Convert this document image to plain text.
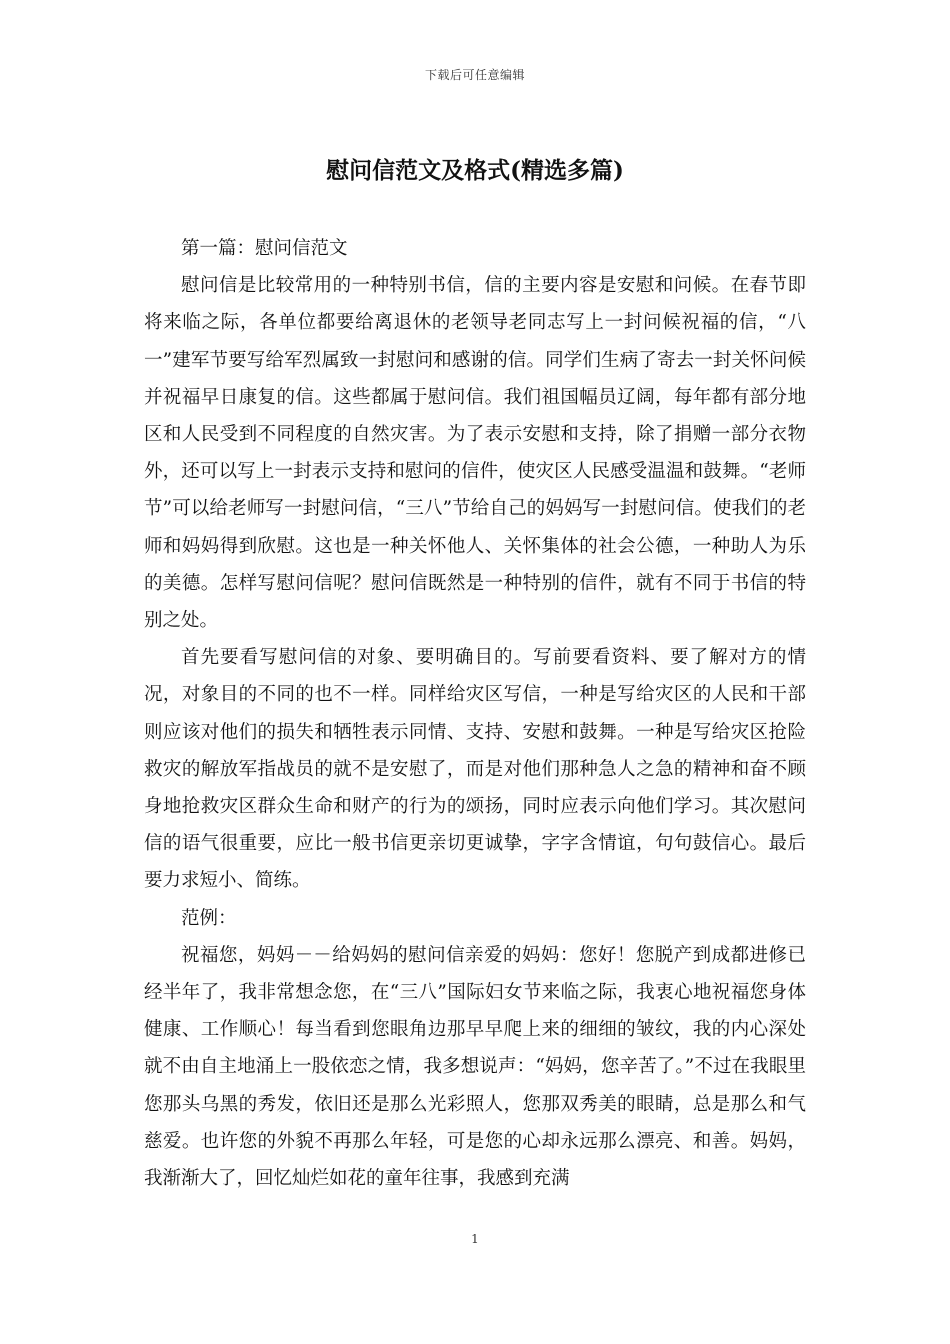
下载后可任意编辑
慰问信范文及格式(精选多篇)

第一篇：慰问信范文

慰问信是比较常用的一种特别书信，信的主要内容是安慰和问候。在春节即将来临之际，各单位都要给离退休的老领导老同志写上一封问候祝福的信，“八一”建军节要写给军烈属致一封慰问和感谢的信。同学们生病了寄去一封关怀问候并祝福早日康复的信。这些都属于慰问信。我们祖国幅员辽阔，每年都有部分地区和人民受到不同程度的自然灾害。为了表示安慰和支持，除了捐赠一部分衣物外，还可以写上一封表示支持和慰问的信件，使灾区人民感受温温和鼓舞。“老师节”可以给老师写一封慰问信，“三八”节给自己的妈妈写一封慰问信。使我们的老师和妈妈得到欣慰。这也是一种关怀他人、关怀集体的社会公德，一种助人为乐的美德。怎样写慰问信呢？慰问信既然是一种特别的信件，就有不同于书信的特别之处。

首先要看写慰问信的对象、要明确目的。写前要看资料、要了解对方的情况，对象目的不同的也不一样。同样给灾区写信，一种是写给灾区的人民和干部则应该对他们的损失和牺牲表示同情、支持、安慰和鼓舞。一种是写给灾区抢险救灾的解放军指战员的就不是安慰了，而是对他们那种急人之急的精神和奋不顾身地抢救灾区群众生命和财产的行为的颂扬，同时应表示向他们学习。其次慰问信的语气很重要，应比一般书信更亲切更诚挚，字字含情谊，句句鼓信心。最后要力求短小、简练。

范例：

祝福您，妈妈－－给妈妈的慰问信亲爱的妈妈：您好！您脱产到成都进修已经半年了，我非常想念您，在“三八”国际妇女节来临之际，我衷心地祝福您身体健康、工作顺心！每当看到您眼角边那早早爬上来的细细的皱纹，我的内心深处就不由自主地涌上一股依恋之情，我多想说声：“妈妈，您辛苦了。”不过在我眼里您那头乌黑的秀发，依旧还是那么光彩照人，您那双秀美的眼睛，总是那么和气慈爱。也许您的外貌不再那么年轻，可是您的心却永远那么漂亮、和善。妈妈，我渐渐大了，回忆灿烂如花的童年往事，我感到充满

1
